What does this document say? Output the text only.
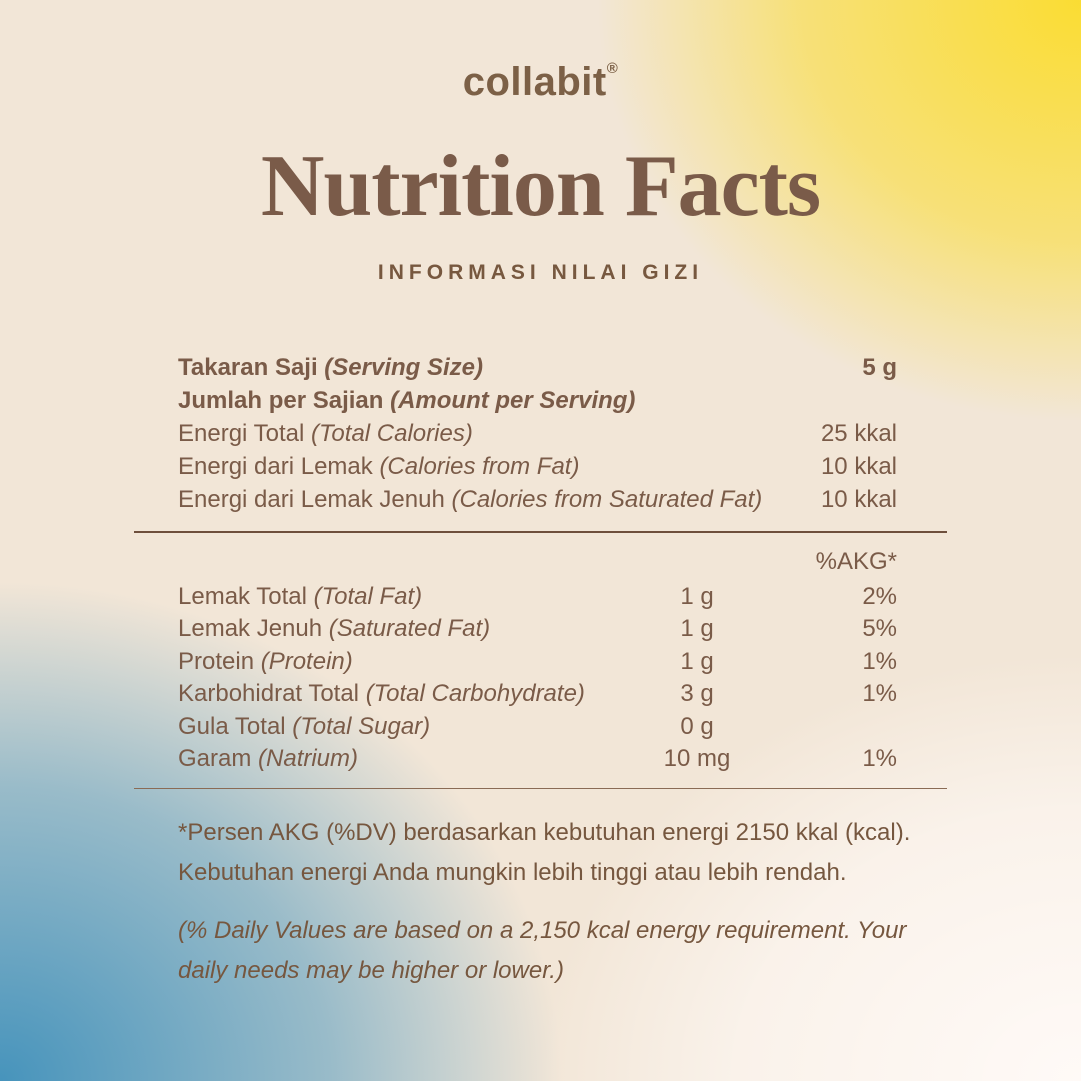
collabit®
Nutrition Facts
INFORMASI NILAI GIZI
Takaran Saji (Serving Size)	5 g
Jumlah per Sajian (Amount per Serving)
Energi Total (Total Calories)	25 kkal
Energi dari Lemak (Calories from Fat)	10 kkal
Energi dari Lemak Jenuh (Calories from Saturated Fat)	10 kkal
%AKG*
Lemak Total (Total Fat)	1 g	2%
Lemak Jenuh (Saturated Fat)	1 g	5%
Protein (Protein)	1 g	1%
Karbohidrat Total (Total Carbohydrate)	3 g	1%
Gula Total (Total Sugar)	0 g
Garam (Natrium)	10 mg	1%
*Persen AKG (%DV) berdasarkan kebutuhan energi 2150 kkal (kcal). Kebutuhan energi Anda mungkin lebih tinggi atau lebih rendah.
(% Daily Values are based on a 2,150 kcal energy requirement. Your daily needs may be higher or lower.)
